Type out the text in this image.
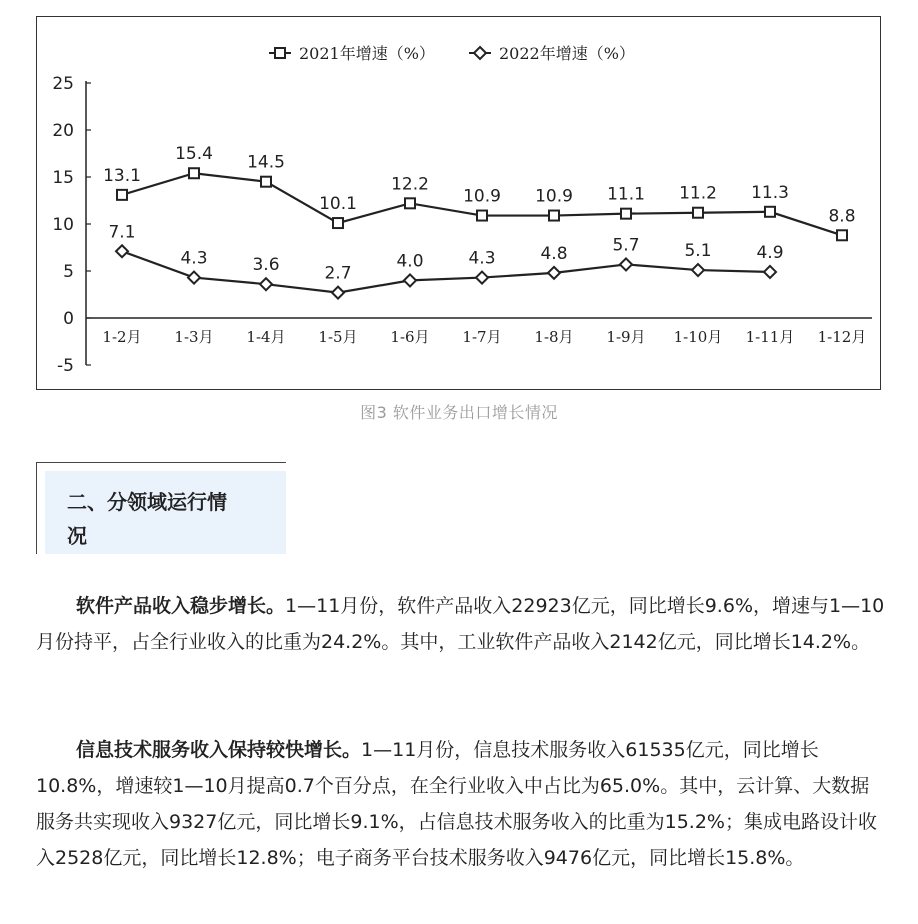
2021年增速（%）	2022年增速（%）
25
20
15
10
5
0
-5
1-2月 1-3月 1-4月 1-5月 1-6月 1-7月 1-8月 1-9月 1-10月 1-11月 1-12月
13.1
15.4 14.5
10.1
12.2
10.9 10.9 11.1 11.2 11.3
8.8
7.1
4.3	3.6	2.7
4.0	4.3	4.8	5.7	5.1	4.9
图3 软件业务出口增长情况
二、分领域运行情
况

软件产品收入稳步增长。1—11月份，软件产品收入22923亿元，同比增长9.6%，增速与1—10月份持平，占全行业收入的比重为24.2%。其中，工业软件产品收入2142亿元，同比增长14.2%。

信息技术服务收入保持较快增长。1—11月份，信息技术服务收入61535亿元，同比增长10.8%，增速较1—10月提高0.7个百分点，在全行业收入中占比为65.0%。其中，云计算、大数据服务共实现收入9327亿元，同比增长9.1%，占信息技术服务收入的比重为15.2%；集成电路设计收入2528亿元，同比增长12.8%；电子商务平台技术服务收入9476亿元，同比增长15.8%。
